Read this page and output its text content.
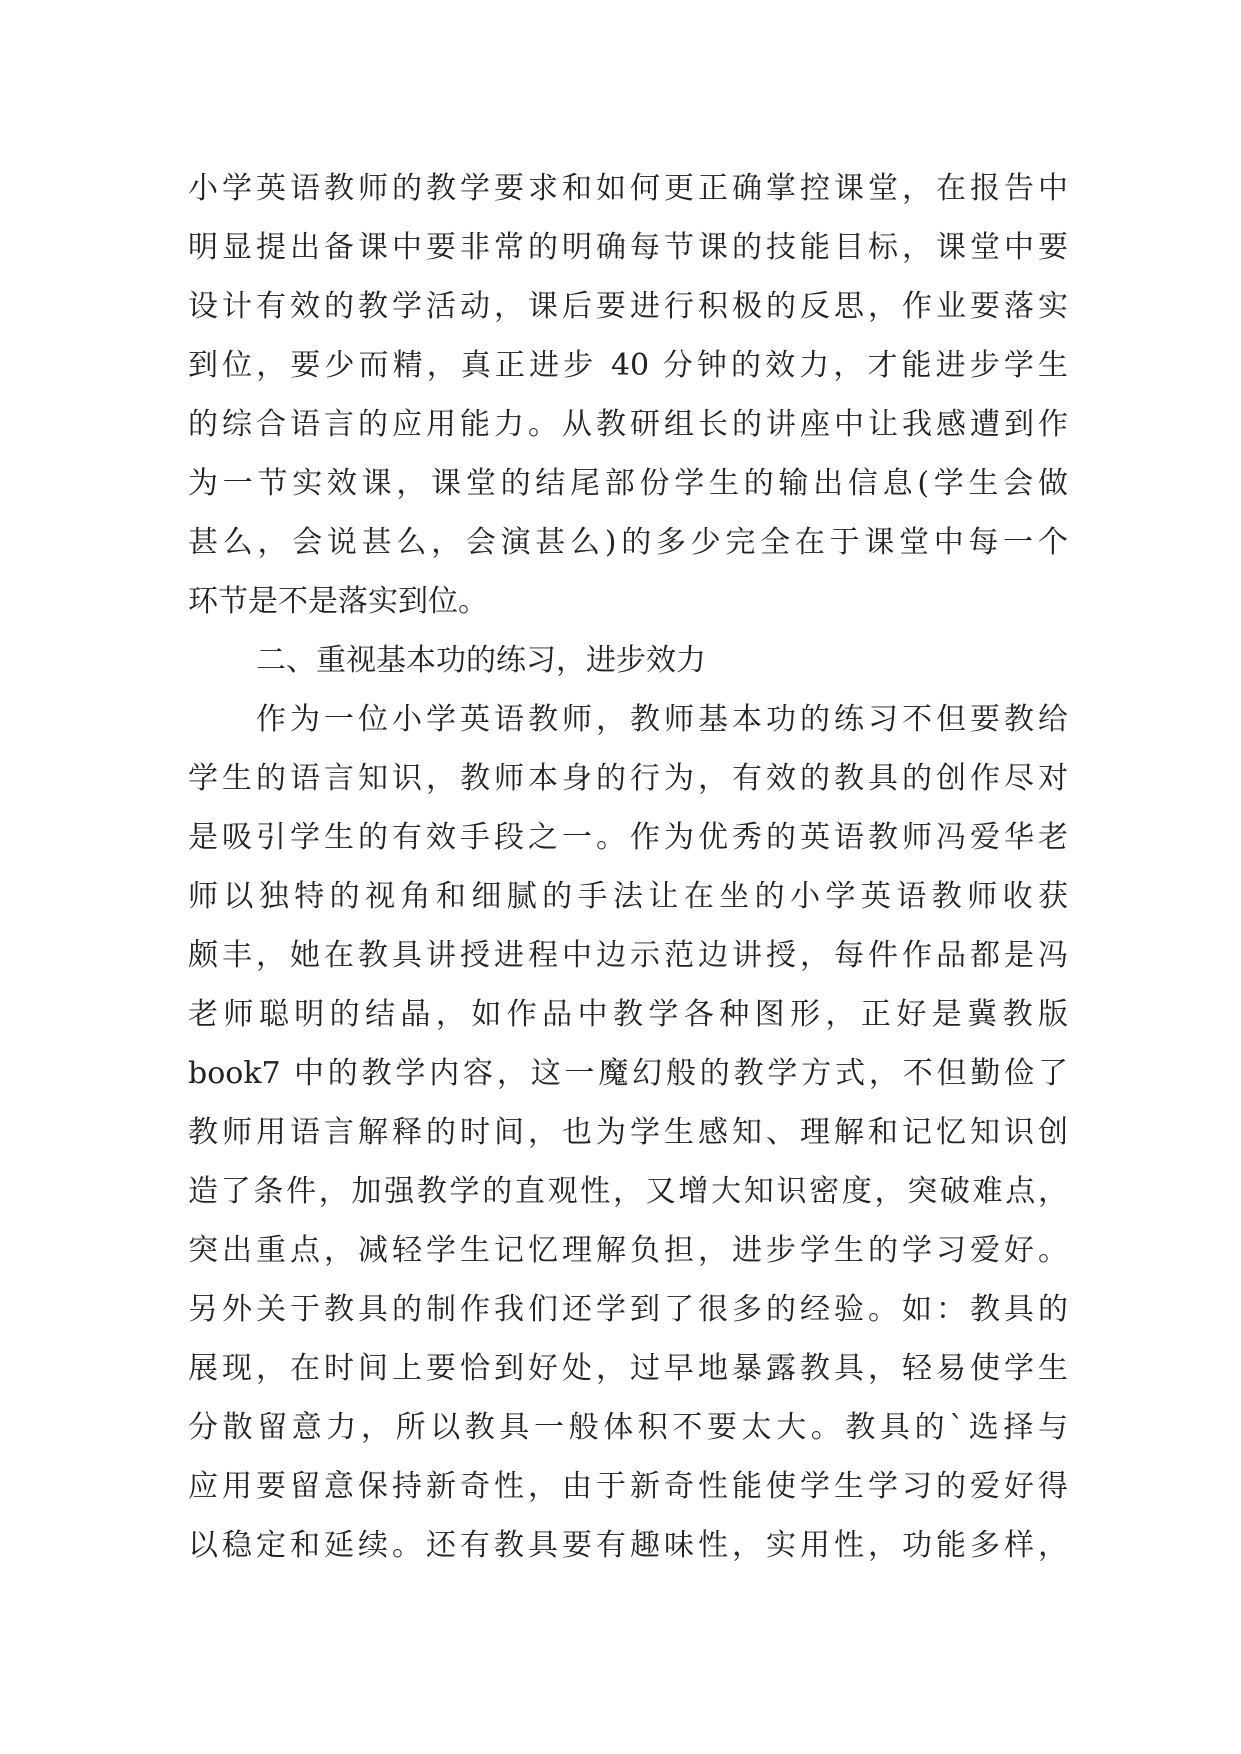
小学英语教师的教学要求和如何更正确掌控课堂，在报告中
明显提出备课中要非常的明确每节课的技能目标，课堂中要
设计有效的教学活动，课后要进行积极的反思，作业要落实
到位，要少而精，真正进步 40 分钟的效力，才能进步学生
的综合语言的应用能力。从教研组长的讲座中让我感遭到作
为一节实效课，课堂的结尾部份学生的输出信息(学生会做
甚么，会说甚么，会演甚么)的多少完全在于课堂中每一个
环节是不是落实到位。
二、重视基本功的练习，进步效力
作为一位小学英语教师，教师基本功的练习不但要教给
学生的语言知识，教师本身的行为，有效的教具的创作尽对
是吸引学生的有效手段之一。作为优秀的英语教师冯爱华老
师以独特的视角和细腻的手法让在坐的小学英语教师收获
颇丰，她在教具讲授进程中边示范边讲授，每件作品都是冯
老师聪明的结晶，如作品中教学各种图形，正好是冀教版
book7 中的教学内容，这一魔幻般的教学方式，不但勤俭了
教师用语言解释的时间，也为学生感知、理解和记忆知识创
造了条件，加强教学的直观性，又增大知识密度，突破难点，
突出重点，减轻学生记忆理解负担，进步学生的学习爱好。
另外关于教具的制作我们还学到了很多的经验。如：教具的
展现，在时间上要恰到好处，过早地暴露教具，轻易使学生
分散留意力，所以教具一般体积不要太大。教具的`选择与
应用要留意保持新奇性，由于新奇性能使学生学习的爱好得
以稳定和延续。还有教具要有趣味性，实用性，功能多样，
